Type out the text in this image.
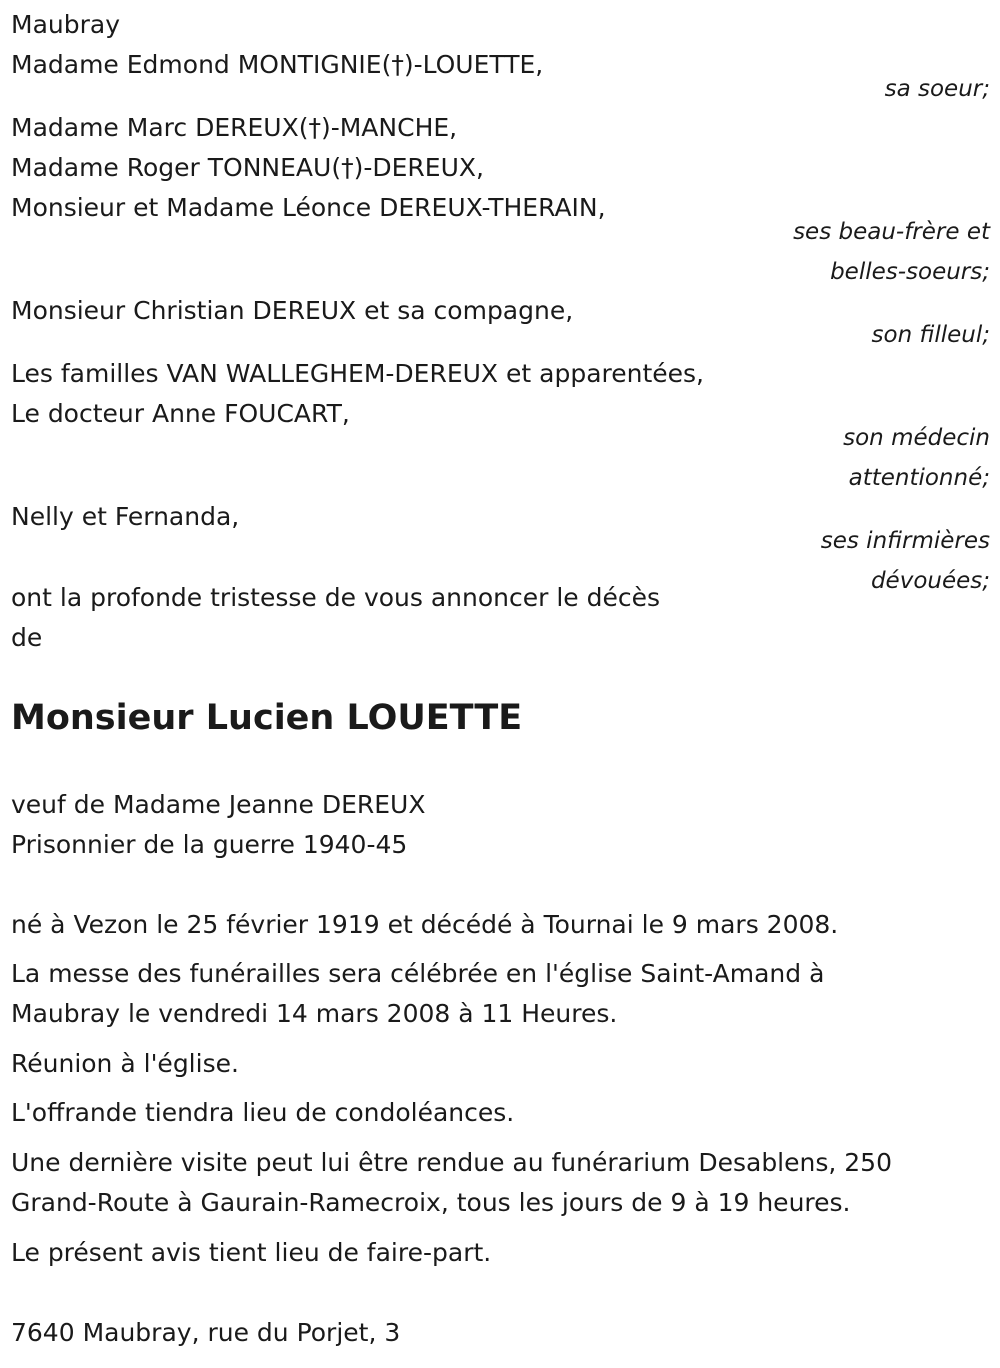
Maubray
Madame Edmond MONTIGNIE(†)-LOUETTE,
sa soeur;
Madame Marc DEREUX(†)-MANCHE,
Madame Roger TONNEAU(†)-DEREUX,
Monsieur et Madame Léonce DEREUX-THERAIN,
ses beau-frère et
belles-soeurs;
Monsieur Christian DEREUX et sa compagne,
son filleul;
Les familles VAN WALLEGHEM-DEREUX et apparentées,
Le docteur Anne FOUCART,
son médecin
attentionné;
Nelly et Fernanda,
ses infirmières
dévouées;
ont la profonde tristesse de vous annoncer le décès
de
Monsieur Lucien LOUETTE
veuf de Madame Jeanne DEREUX
Prisonnier de la guerre 1940-45
né à Vezon le 25 février 1919 et décédé à Tournai le 9 mars 2008.
La messe des funérailles sera célébrée en l'église Saint-Amand à
Maubray le vendredi 14 mars 2008 à 11 Heures.
Réunion à l'église.
L'offrande tiendra lieu de condoléances.
Une dernière visite peut lui être rendue au funérarium Desablens, 250
Grand-Route à Gaurain-Ramecroix, tous les jours de 9 à 19 heures.
Le présent avis tient lieu de faire-part.
7640 Maubray, rue du Porjet, 3
